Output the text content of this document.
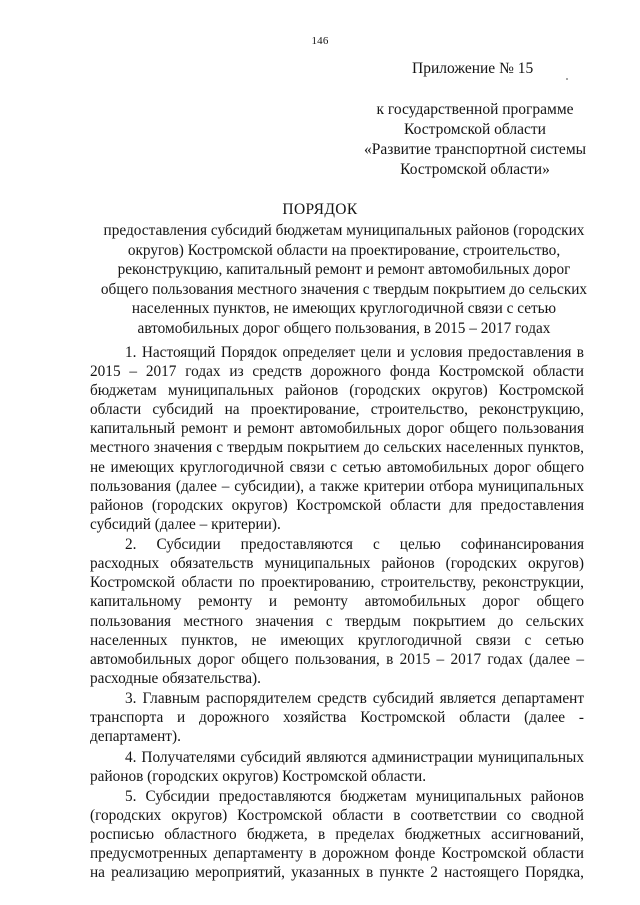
146
Приложение № 15
к государственной программе
Костромской области
«Развитие транспортной системы
Костромской области»
ПОРЯДОК
предоставления субсидий бюджетам муниципальных районов (городских
округов) Костромской области на проектирование, строительство,
реконструкцию, капитальный ремонт и ремонт автомобильных дорог
общего пользования местного значения с твердым покрытием до сельских
населенных пунктов, не имеющих круглогодичной связи с сетью
автомобильных дорог общего пользования, в 2015 – 2017 годах
1. Настоящий Порядок определяет цели и условия предоставления в
2015 – 2017 годах из средств дорожного фонда Костромской области
бюджетам муниципальных районов (городских округов) Костромской
области субсидий на проектирование, строительство, реконструкцию,
капитальный ремонт и ремонт автомобильных дорог общего пользования
местного значения с твердым покрытием до сельских населенных пунктов,
не имеющих круглогодичной связи с сетью автомобильных дорог общего
пользования (далее – субсидии), а также критерии отбора муниципальных
районов (городских округов) Костромской области для предоставления
субсидий (далее – критерии).
2. Субсидии предоставляются с целью софинансирования
расходных обязательств муниципальных районов (городских округов)
Костромской области по проектированию, строительству, реконструкции,
капитальному ремонту и ремонту автомобильных дорог общего
пользования местного значения с твердым покрытием до сельских
населенных пунктов, не имеющих круглогодичной связи с сетью
автомобильных дорог общего пользования, в 2015 – 2017 годах (далее –
расходные обязательства).
3. Главным распорядителем средств субсидий является департамент
транспорта и дорожного хозяйства Костромской области (далее -
департамент).
4. Получателями субсидий являются администрации муниципальных
районов (городских округов) Костромской области.
5. Субсидии предоставляются бюджетам муниципальных районов
(городских округов) Костромской области в соответствии со сводной
росписью областного бюджета, в пределах бюджетных ассигнований,
предусмотренных департаменту в дорожном фонде Костромской области
на реализацию мероприятий, указанных в пункте 2 настоящего Порядка,
